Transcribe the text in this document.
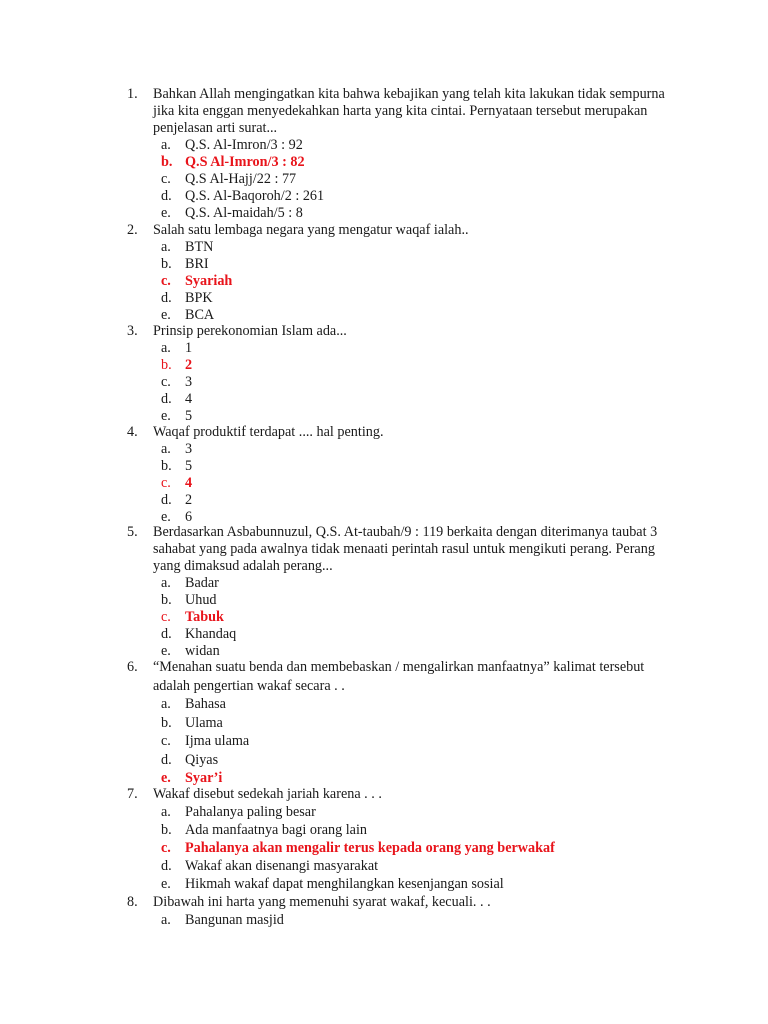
1. Bahkan Allah mengingatkan kita bahwa kebajikan yang telah kita lakukan tidak sempurna jika kita enggan menyedekahkan harta yang kita cintai. Pernyataan tersebut merupakan penjelasan arti surat...
a. Q.S. Al-Imron/3 : 92
b. Q.S Al-Imron/3 : 82
c. Q.S Al-Hajj/22 : 77
d. Q.S. Al-Baqoroh/2 : 261
e. Q.S. Al-maidah/5 : 8
2. Salah satu lembaga negara yang mengatur waqaf ialah..
a. BTN
b. BRI
c. Syariah
d. BPK
e. BCA
3. Prinsip perekonomian Islam ada...
a. 1
b. 2
c. 3
d. 4
e. 5
4. Waqaf produktif terdapat .... hal penting.
a. 3
b. 5
c. 4
d. 2
e. 6
5. Berdasarkan Asbabunnuzul, Q.S. At-taubah/9 : 119 berkaita dengan diterimanya taubat 3 sahabat yang pada awalnya tidak menaati perintah rasul untuk mengikuti perang. Perang yang dimaksud adalah perang...
a. Badar
b. Uhud
c. Tabuk
d. Khandaq
e. widan
6. “Menahan suatu benda dan membebaskan / mengalirkan manfaatnya” kalimat tersebut adalah pengertian wakaf secara . .
a. Bahasa
b. Ulama
c. Ijma ulama
d. Qiyas
e. Syar’i
7. Wakaf disebut sedekah jariah karena . . .
a. Pahalanya paling besar
b. Ada manfaatnya bagi orang lain
c. Pahalanya akan mengalir terus kepada orang yang berwakaf
d. Wakaf akan disenangi masyarakat
e. Hikmah wakaf dapat menghilangkan kesenjangan sosial
8. Dibawah ini harta yang memenuhi syarat wakaf, kecuali. . .
a. Bangunan masjid
